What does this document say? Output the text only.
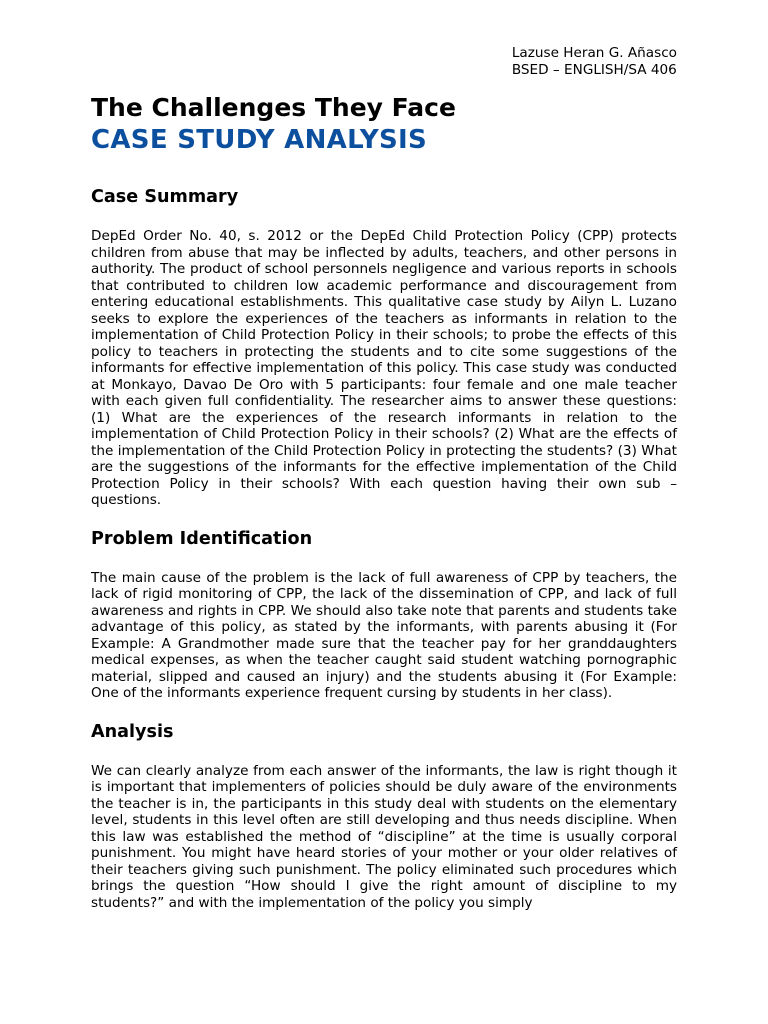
Lazuse Heran G. Añasco
BSED – ENGLISH/SA 406
The Challenges They Face
CASE STUDY ANALYSIS
Case Summary

DepEd Order No. 40, s. 2012 or the DepEd Child Protection Policy (CPP) protects children from abuse that may be inflected by adults, teachers, and other persons in authority. The product of school personnels negligence and various reports in schools that contributed to children low academic performance and discouragement from entering educational establishments. This qualitative case study by Ailyn L. Luzano seeks to explore the experiences of the teachers as informants in relation to the implementation of Child Protection Policy in their schools; to probe the effects of this policy to teachers in protecting the students and to cite some suggestions of the informants for effective implementation of this policy. This case study was conducted at Monkayo, Davao De Oro with 5 participants: four female and one male teacher with each given full confidentiality. The researcher aims to answer these questions: (1) What are the experiences of the research informants in relation to the implementation of Child Protection Policy in their schools? (2) What are the effects of the implementation of the Child Protection Policy in protecting the students? (3) What are the suggestions of the informants for the effective implementation of the Child Protection Policy in their schools? With each question having their own sub – questions.

Problem Identification

The main cause of the problem is the lack of full awareness of CPP by teachers, the lack of rigid monitoring of CPP, the lack of the dissemination of CPP, and lack of full awareness and rights in CPP. We should also take note that parents and students take advantage of this policy, as stated by the informants, with parents abusing it (For Example: A Grandmother made sure that the teacher pay for her granddaughters medical expenses, as when the teacher caught said student watching pornographic material, slipped and caused an injury) and the students abusing it (For Example: One of the informants experience frequent cursing by students in her class).

Analysis

We can clearly analyze from each answer of the informants, the law is right though it is important that implementers of policies should be duly aware of the environments the teacher is in, the participants in this study deal with students on the elementary level, students in this level often are still developing and thus needs discipline. When this law was established the method of “discipline” at the time is usually corporal punishment. You might have heard stories of your mother or your older relatives of their teachers giving such punishment. The policy eliminated such procedures which brings the question “How should I give the right amount of discipline to my students?” and with the implementation of the policy you simply
